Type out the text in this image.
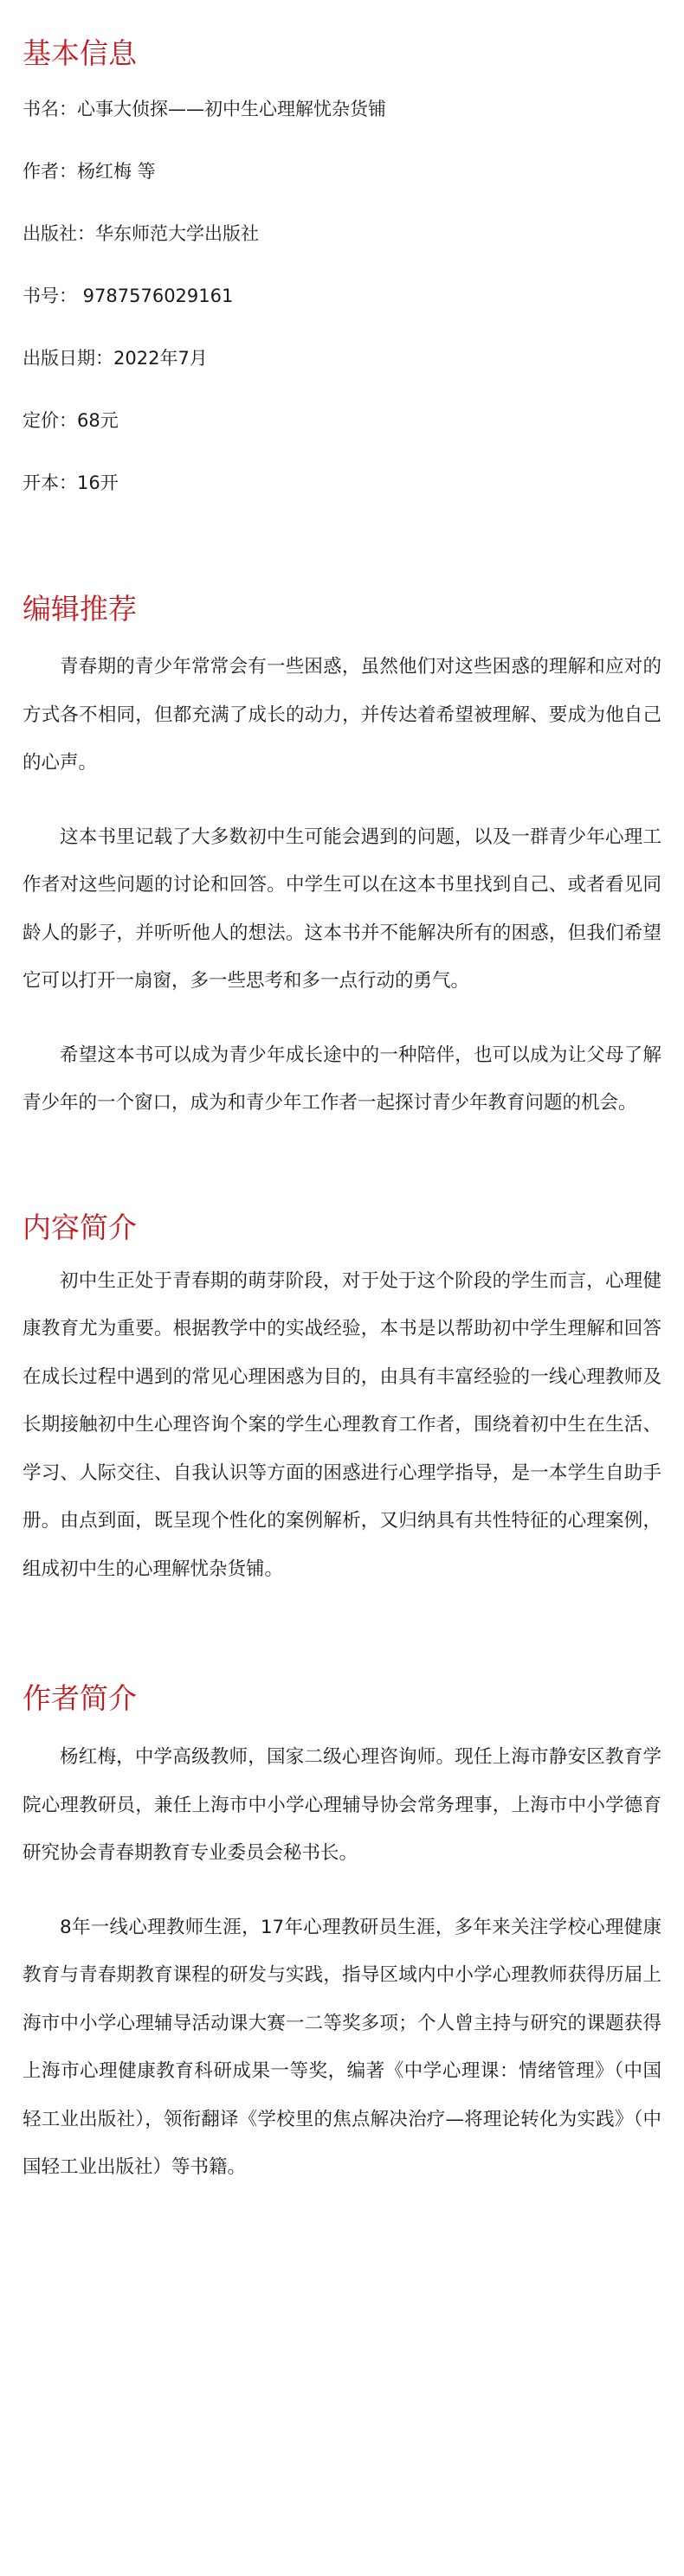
基本信息

书名：心事大侦探——初中生心理解忧杂货铺

作者：杨红梅 等

出版社：华东师范大学出版社

书号： 9787576029161

出版日期：2022年7月

定价：68元

开本：16开

编辑推荐

青春期的青少年常常会有一些困惑，虽然他们对这些困惑的理解和应对的方式各不相同，但都充满了成长的动力，并传达着希望被理解、要成为他自己的心声。

这本书里记载了大多数初中生可能会遇到的问题，以及一群青少年心理工作者对这些问题的讨论和回答。中学生可以在这本书里找到自己、或者看见同龄人的影子，并听听他人的想法。这本书并不能解决所有的困惑，但我们希望它可以打开一扇窗，多一些思考和多一点行动的勇气。

希望这本书可以成为青少年成长途中的一种陪伴，也可以成为让父母了解青少年的一个窗口，成为和青少年工作者一起探讨青少年教育问题的机会。

内容简介

初中生正处于青春期的萌芽阶段，对于处于这个阶段的学生而言，心理健康教育尤为重要。根据教学中的实战经验，本书是以帮助初中学生理解和回答在成长过程中遇到的常见心理困惑为目的，由具有丰富经验的一线心理教师及长期接触初中生心理咨询个案的学生心理教育工作者，围绕着初中生在生活、学习、人际交往、自我认识等方面的困惑进行心理学指导，是一本学生自助手册。由点到面，既呈现个性化的案例解析，又归纳具有共性特征的心理案例，组成初中生的心理解忧杂货铺。

作者简介

杨红梅，中学高级教师，国家二级心理咨询师。现任上海市静安区教育学院心理教研员，兼任上海市中小学心理辅导协会常务理事，上海市中小学德育研究协会青春期教育专业委员会秘书长。

8年一线心理教师生涯，17年心理教研员生涯，多年来关注学校心理健康教育与青春期教育课程的研发与实践，指导区域内中小学心理教师获得历届上海市中小学心理辅导活动课大赛一二等奖多项；个人曾主持与研究的课题获得上海市心理健康教育科研成果一等奖，编著《中学心理课：情绪管理》（中国轻工业出版社），领衔翻译《学校里的焦点解决治疗—将理论转化为实践》（中国轻工业出版社）等书籍。
